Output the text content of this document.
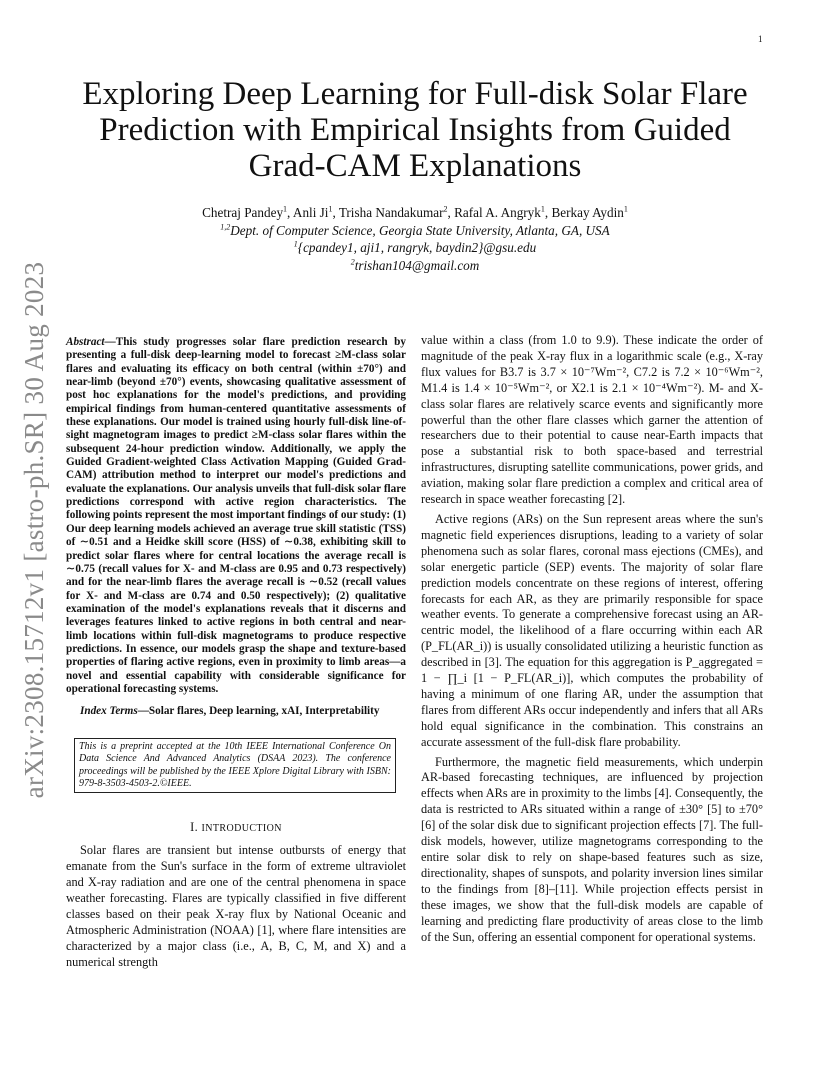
1
arXiv:2308.15712v1 [astro-ph.SR] 30 Aug 2023
Exploring Deep Learning for Full-disk Solar Flare Prediction with Empirical Insights from Guided Grad-CAM Explanations
Chetraj Pandey$^1$, Anli Ji$^1$, Trisha Nandakumar$^2$, Rafal A. Angryk$^1$, Berkay Aydin$^1$
$^{1,2}$Dept. of Computer Science, Georgia State University, Atlanta, GA, USA
$^1${cpandey1, aji1, rangryk, baydin2}@gsu.edu
$^2$trishan104@gmail.com

Abstract—This study progresses solar flare prediction research by presenting a full-disk deep-learning model to forecast ≥M-class solar flares and evaluating its efficacy on both central (within ±70°) and near-limb (beyond ±70°) events, showcasing qualitative assessment of post hoc explanations for the model's predictions, and providing empirical findings from human-centered quantitative assessments of these explanations. Our model is trained using hourly full-disk line-of-sight magnetogram images to predict ≥M-class solar flares within the subsequent 24-hour prediction window. Additionally, we apply the Guided Gradient-weighted Class Activation Mapping (Guided Grad-CAM) attribution method to interpret our model's predictions and evaluate the explanations. Our analysis unveils that full-disk solar flare predictions correspond with active region characteristics. The following points represent the most important findings of our study: (1) Our deep learning models achieved an average true skill statistic (TSS) of ∼0.51 and a Heidke skill score (HSS) of ∼0.38, exhibiting skill to predict solar flares where for central locations the average recall is ∼0.75 (recall values for X- and M-class are 0.95 and 0.73 respectively) and for the near-limb flares the average recall is ∼0.52 (recall values for X- and M-class are 0.74 and 0.50 respectively); (2) qualitative examination of the model's explanations reveals that it discerns and leverages features linked to active regions in both central and near-limb locations within full-disk magnetograms to produce respective predictions. In essence, our models grasp the shape and texture-based properties of flaring active regions, even in proximity to limb areas—a novel and essential capability with considerable significance for operational forecasting systems.

Index Terms—Solar flares, Deep learning, xAI, Interpretability

This is a preprint accepted at the 10th IEEE International Conference On Data Science And Advanced Analytics (DSAA 2023). The conference proceedings will be published by the IEEE Xplore Digital Library with ISBN: 979-8-3503-4503-2.©IEEE.
I. INTRODUCTION

Solar flares are transient but intense outbursts of energy that emanate from the Sun's surface in the form of extreme ultraviolet and X-ray radiation and are one of the central phenomena in space weather forecasting. Flares are typically classified in five different classes based on their peak X-ray flux by National Oceanic and Atmospheric Administration (NOAA) [1], where flare intensities are characterized by a major class (i.e., A, B, C, M, and X) and a numerical strength

value within a class (from 1.0 to 9.9). These indicate the order of magnitude of the peak X-ray flux in a logarithmic scale (e.g., X-ray flux values for B3.7 is 3.7 × 10⁻⁷Wm⁻², C7.2 is 7.2 × 10⁻⁶Wm⁻², M1.4 is 1.4 × 10⁻⁵Wm⁻², or X2.1 is 2.1 × 10⁻⁴Wm⁻²). M- and X-class solar flares are relatively scarce events and significantly more powerful than the other flare classes which garner the attention of researchers due to their potential to cause near-Earth impacts that pose a substantial risk to both space-based and terrestrial infrastructures, disrupting satellite communications, power grids, and aviation, making solar flare prediction a complex and critical area of research in space weather forecasting [2].

Active regions (ARs) on the Sun represent areas where the sun's magnetic field experiences disruptions, leading to a variety of solar phenomena such as solar flares, coronal mass ejections (CMEs), and solar energetic particle (SEP) events. The majority of solar flare prediction models concentrate on these regions of interest, offering forecasts for each AR, as they are primarily responsible for space weather events. To generate a comprehensive forecast using an AR-centric model, the likelihood of a flare occurring within each AR (P_FL(AR_i)) is usually consolidated utilizing a heuristic function as described in [3]. The equation for this aggregation is P_aggregated = 1 − ∏_i [1 − P_FL(AR_i)], which computes the probability of having a minimum of one flaring AR, under the assumption that flares from different ARs occur independently and infers that all ARs hold equal significance in the combination. This constrains an accurate assessment of the full-disk flare probability.

Furthermore, the magnetic field measurements, which underpin AR-based forecasting techniques, are influenced by projection effects when ARs are in proximity to the limbs [4]. Consequently, the data is restricted to ARs situated within a range of ±30° [5] to ±70° [6] of the solar disk due to significant projection effects [7]. The full-disk models, however, utilize magnetograms corresponding to the entire solar disk to rely on shape-based features such as size, directionality, shapes of sunspots, and polarity inversion lines similar to the findings from [8]–[11]. While projection effects persist in these images, we show that the full-disk models are capable of learning and predicting flare productivity of areas close to the limb of the Sun, offering an essential component for operational systems.
